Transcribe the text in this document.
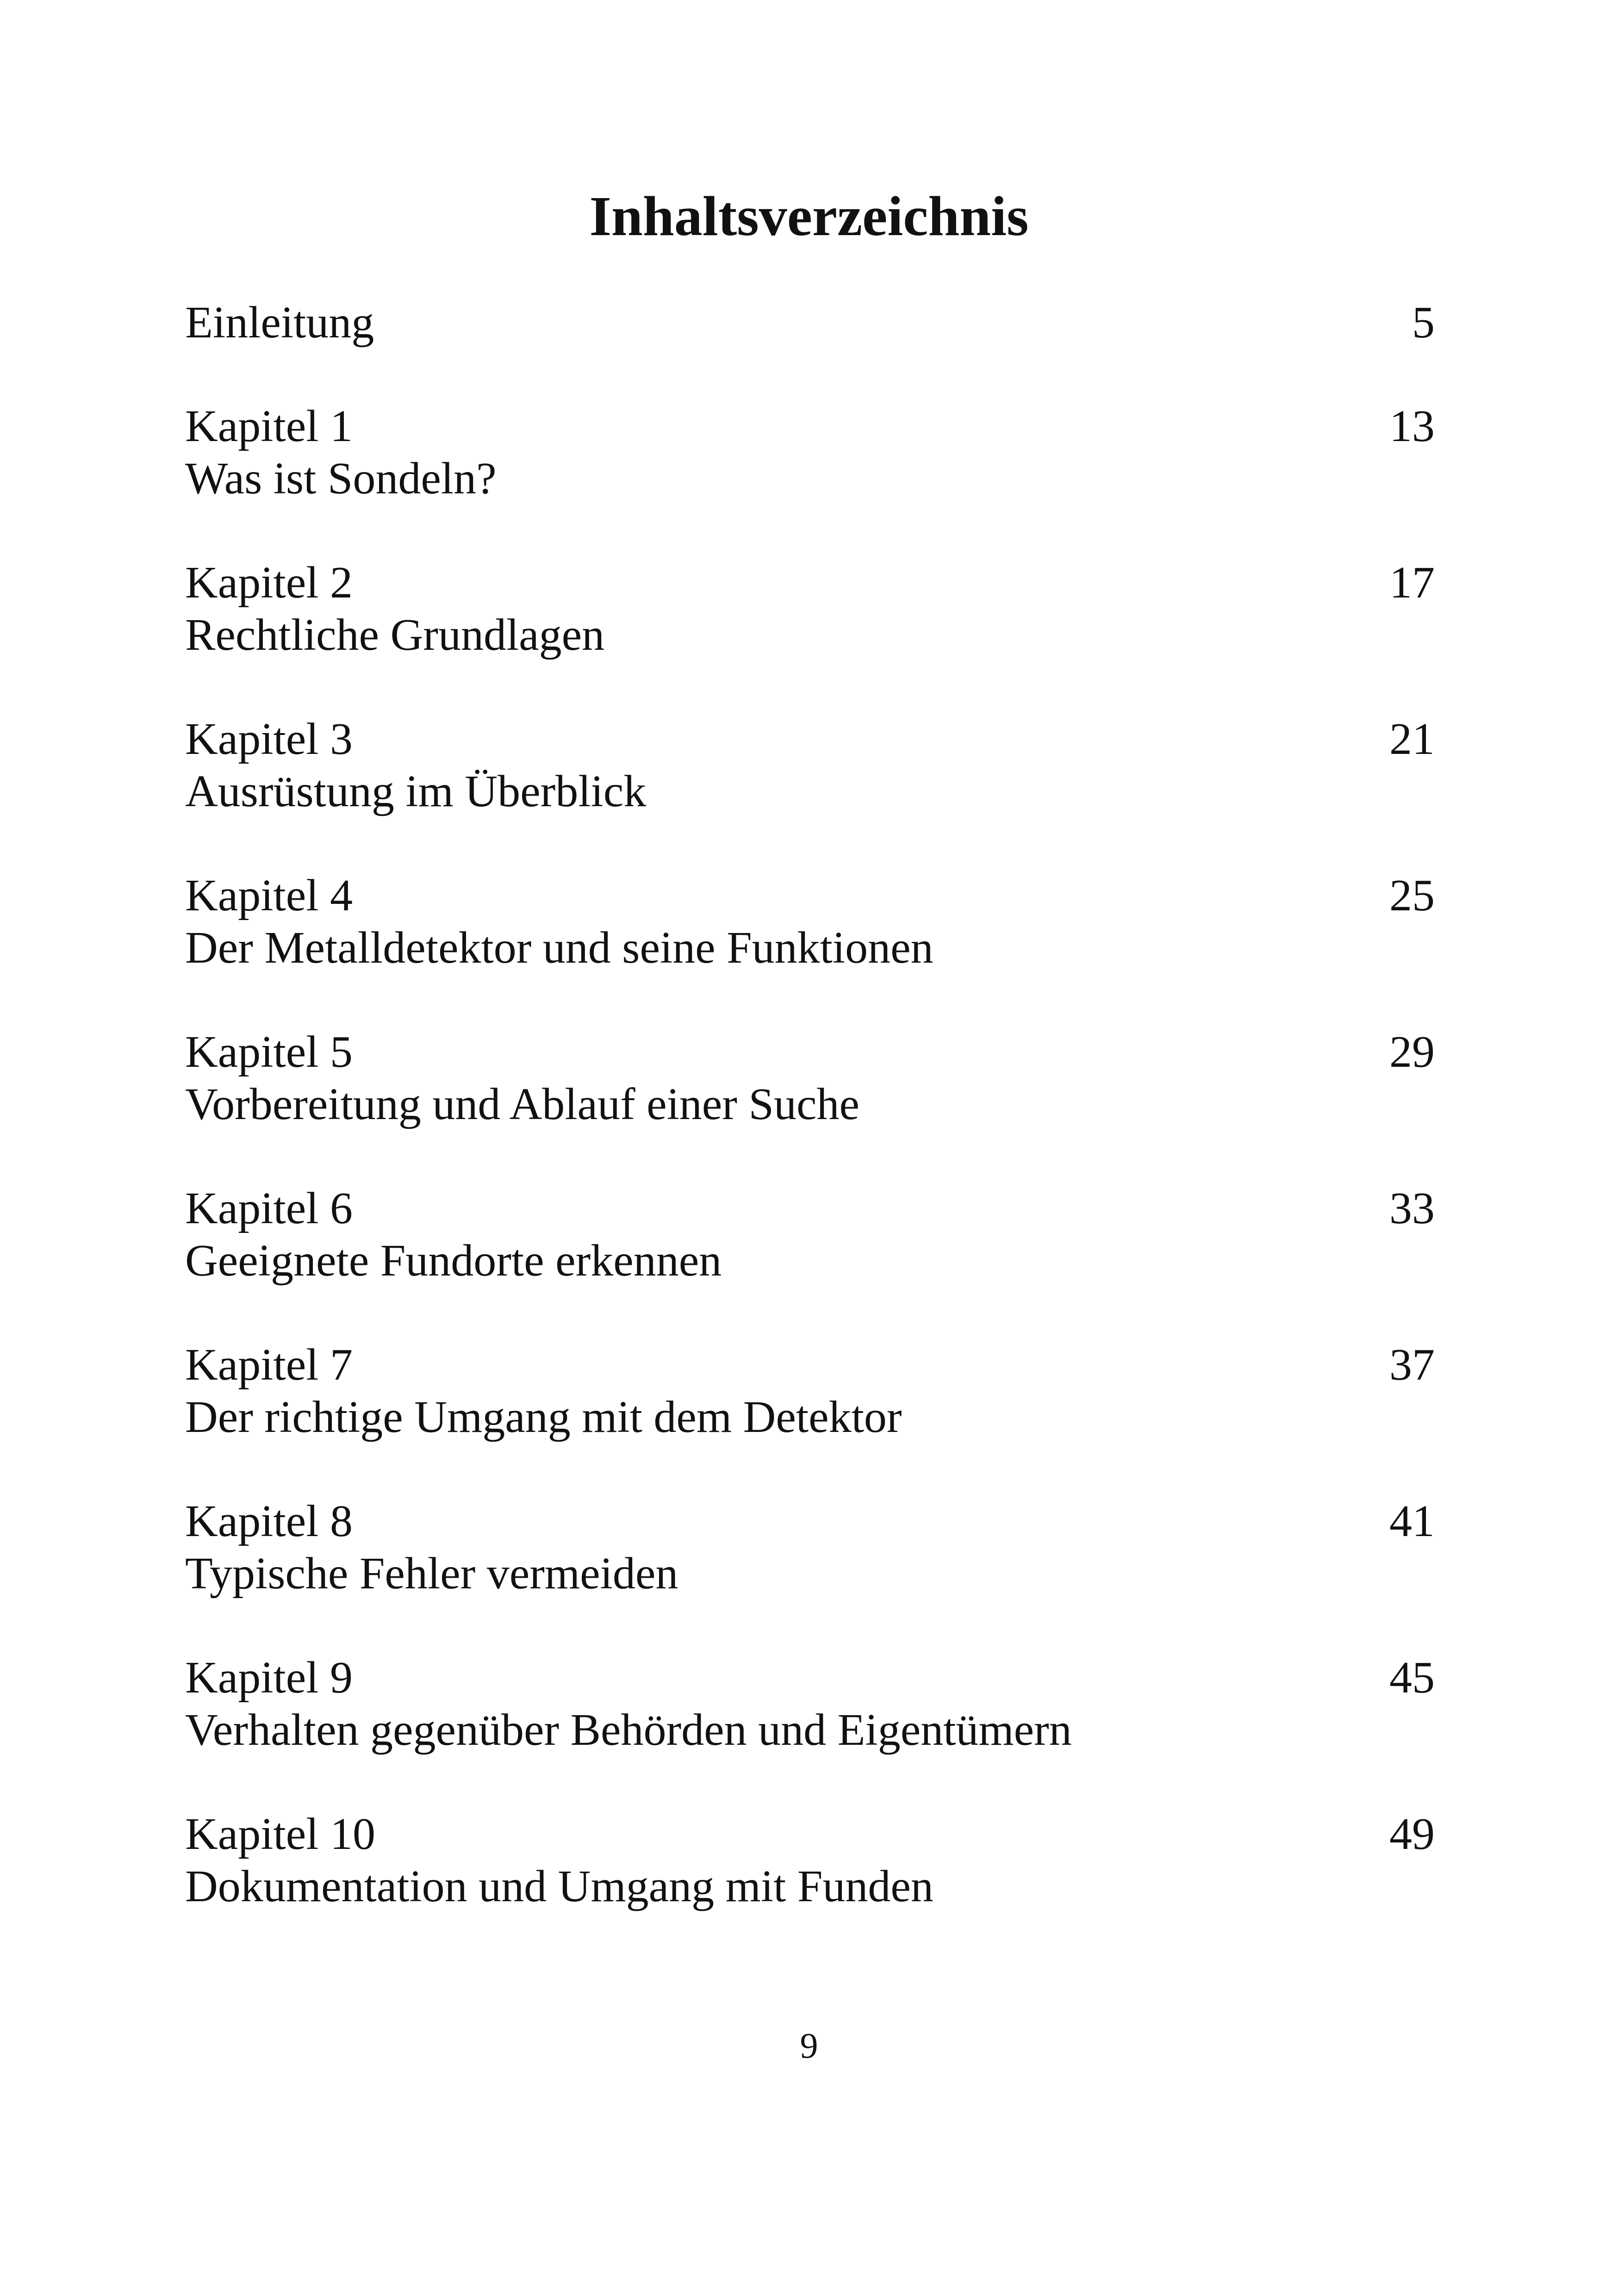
Inhaltsverzeichnis
Einleitung	5
Kapitel 1
Was ist Sondeln?
13
Kapitel 2
Rechtliche Grundlagen
17
Kapitel 3
Ausrüstung im Überblick
21
Kapitel 4
Der Metalldetektor und seine Funktionen
25
Kapitel 5
Vorbereitung und Ablauf einer Suche
29
Kapitel 6
Geeignete Fundorte erkennen
33
Kapitel 7
Der richtige Umgang mit dem Detektor
37
Kapitel 8
Typische Fehler vermeiden
41
Kapitel 9
Verhalten gegenüber Behörden und Eigentümern
45
Kapitel 10
Dokumentation und Umgang mit Funden
49
9
